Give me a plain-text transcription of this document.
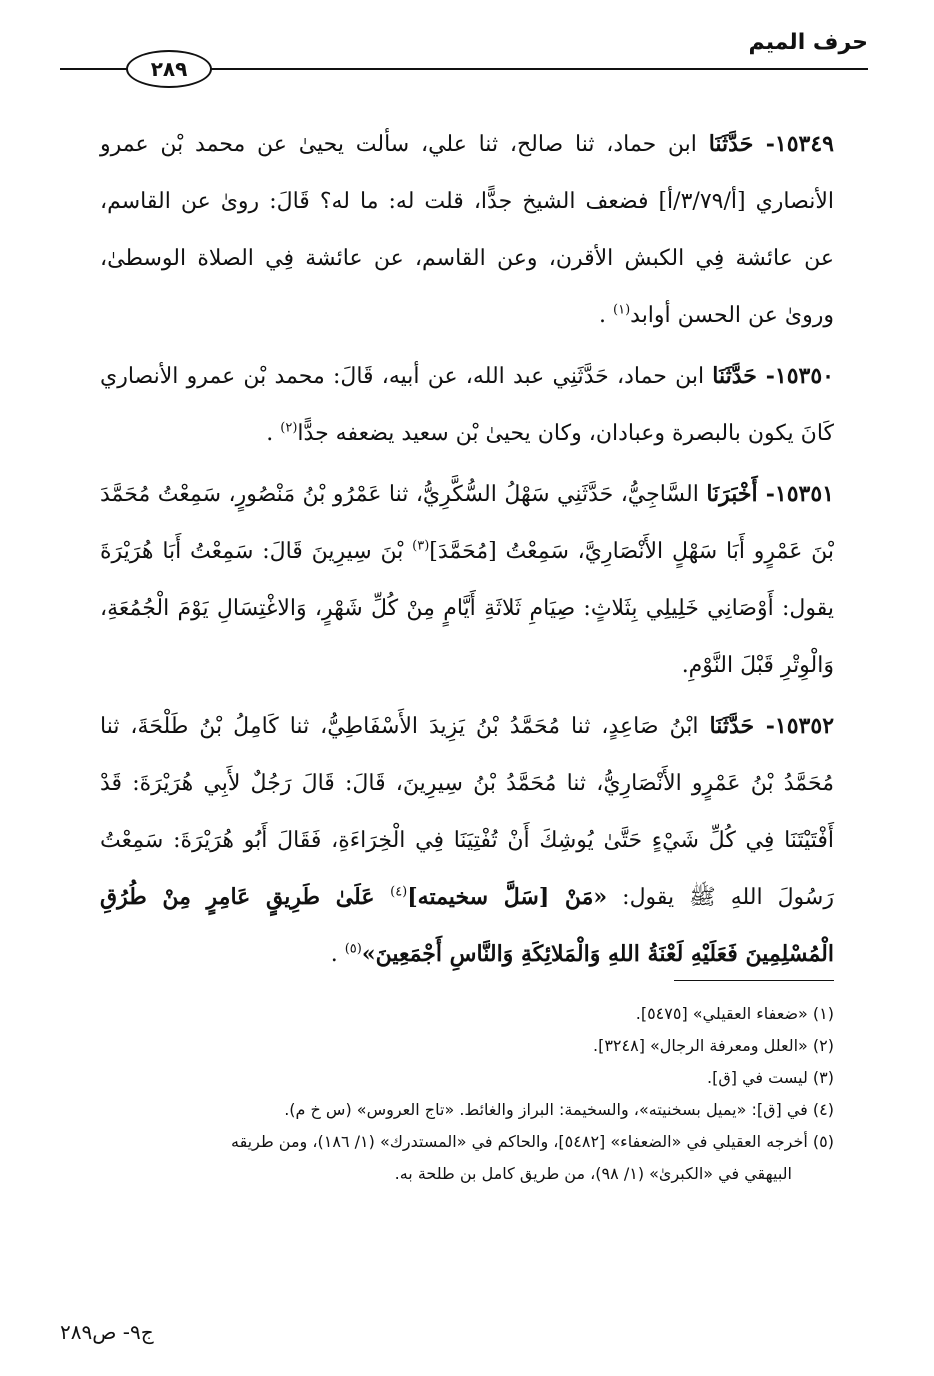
حرف الميم
٢٨٩

١٥٣٤٩- حَدَّثَنَا ابن حماد، ثنا صالح، ثنا علي، سألت يحيىٰ عن محمد بْن عمرو الأنصاري [أ/٣/٧٩/أ] فضعف الشيخ جدًّا، قلت له: ما له؟ قَالَ: روىٰ عن القاسم، عن عائشة فِي الكبش الأقرن، وعن القاسم، عن عائشة فِي الصلاة الوسطىٰ، وروىٰ عن الحسن أوابد$^{(١)}$ .

١٥٣٥٠- حَدَّثَنَا ابن حماد، حَدَّثَنِي عبد الله، عن أبيه، قَالَ: محمد بْن عمرو الأنصاري كَانَ يكون بالبصرة وعبادان، وكان يحيىٰ بْن سعيد يضعفه جدًّا$^{(٢)}$ .

١٥٣٥١- أَخْبَرَنَا السَّاجِيُّ، حَدَّثَنِي سَهْلُ السُّكَّرِيُّ، ثنا عَمْرُو بْنُ مَنْصُورٍ، سَمِعْتُ مُحَمَّدَ بْنَ عَمْرٍو أَبَا سَهْلٍ الأَنْصَارِيَّ، سَمِعْتُ [مُحَمَّدَ]$^{(٣)}$ بْنَ سِيرِينَ قَالَ: سَمِعْتُ أَبَا هُرَيْرَةَ يقول: أَوْصَانِي خَلِيلِي بِثَلاثٍ: صِيَامِ ثَلاثَةِ أَيَّامٍ مِنْ كُلِّ شَهْرٍ، وَالاغْتِسَالِ يَوْمَ الْجُمُعَةِ، وَالْوِتْرِ قَبْلَ النَّوْمِ.

١٥٣٥٢- حَدَّثَنَا ابْنُ صَاعِدٍ، ثنا مُحَمَّدُ بْنُ يَزِيدَ الأَسْفَاطِيُّ، ثنا كَامِلُ بْنُ طَلْحَةَ، ثنا مُحَمَّدُ بْنُ عَمْرٍو الأَنْصَارِيُّ، ثنا مُحَمَّدُ بْنُ سِيرِينَ، قَالَ: قَالَ رَجُلٌ لأَبِي هُرَيْرَةَ: قَدْ أَفْتَيْتَنَا فِي كُلِّ شَيْءٍ حَتَّىٰ يُوشِكَ أَنْ تُفْتِيَنَا فِي الْخِرَاءَةِ، فَقَالَ أَبُو هُرَيْرَةَ: سَمِعْتُ رَسُولَ اللهِ ﷺ يقول: «مَنْ [سَلَّ سخيمته]$^{(٤)}$ عَلَىٰ طَرِيقٍ عَامِرٍ مِنْ طُرُقِ الْمُسْلِمِينَ فَعَلَيْهِ لَعْنَةُ اللهِ وَالْمَلائِكَةِ وَالنَّاسِ أَجْمَعِينَ»$^{(٥)}$ .

(١) «ضعفاء العقيلي» [٥٤٧٥].

(٢) «العلل ومعرفة الرجال» [٣٢٤٨].

(٣) ليست في [ق].

(٤) في [ق]: «يميل بسخنيته»، والسخيمة: البراز والغائط. «تاج العروس» (س خ م).

(٥) أخرجه العقيلي في «الضعفاء» [٥٤٨٢]، والحاكم في «المستدرك» (١/ ١٨٦)، ومن طريقه

البيهقي في «الكبرىٰ» (١/ ٩٨)، من طريق كامل بن طلحة به.

ج٩- ص٢٨٩
